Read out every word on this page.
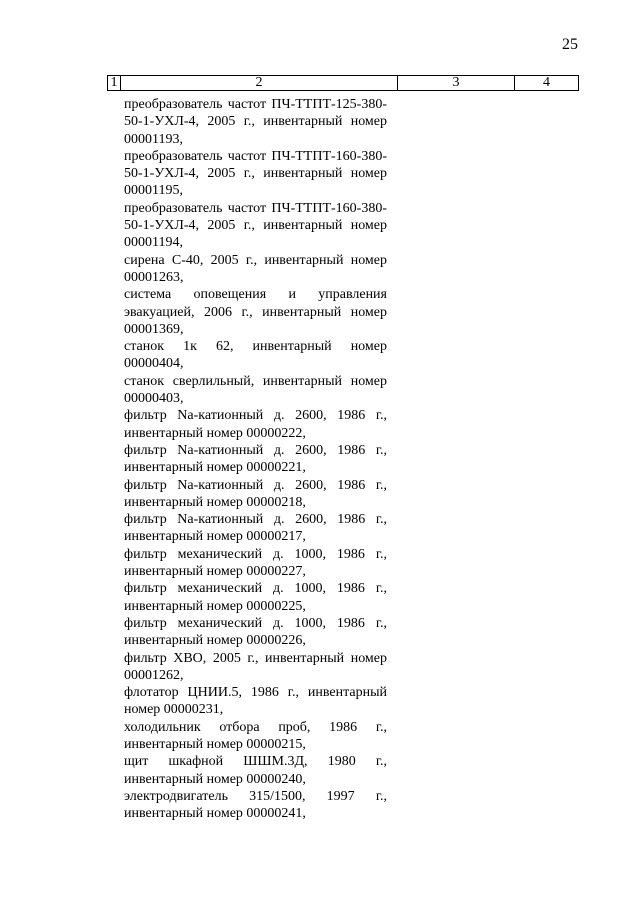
25
1	2	3	4
преобразователь частот ПЧ-ТТПТ-125-380-50-1-УХЛ-4, 2005 г., инвентарный номер 00001193,
преобразователь частот ПЧ-ТТПТ-160-380-50-1-УХЛ-4, 2005 г., инвентарный номер 00001195,
преобразователь частот ПЧ-ТТПТ-160-380-50-1-УХЛ-4, 2005 г., инвентарный номер 00001194,
сирена С-40, 2005 г., инвентарный номер 00001263,
система оповещения и управления эвакуацией, 2006 г., инвентарный номер 00001369,
станок 1к 62, инвентарный номер 00000404,
станок сверлильный, инвентарный номер 00000403,
фильтр Na-катионный д. 2600, 1986 г., инвентарный номер 00000222,
фильтр Na-катионный д. 2600, 1986 г., инвентарный номер 00000221,
фильтр Na-катионный д. 2600, 1986 г., инвентарный номер 00000218,
фильтр Na-катионный д. 2600, 1986 г., инвентарный номер 00000217,
фильтр механический д. 1000, 1986 г., инвентарный номер 00000227,
фильтр механический д. 1000, 1986 г., инвентарный номер 00000225,
фильтр механический д. 1000, 1986 г., инвентарный номер 00000226,
фильтр ХВО, 2005 г., инвентарный номер 00001262,
флотатор ЦНИИ.5, 1986 г., инвентарный номер 00000231,
холодильник отбора проб, 1986 г., инвентарный номер 00000215,
щит шкафной ШШМ.3Д, 1980 г., инвентарный номер 00000240,
электродвигатель 315/1500, 1997 г., инвентарный номер 00000241,
